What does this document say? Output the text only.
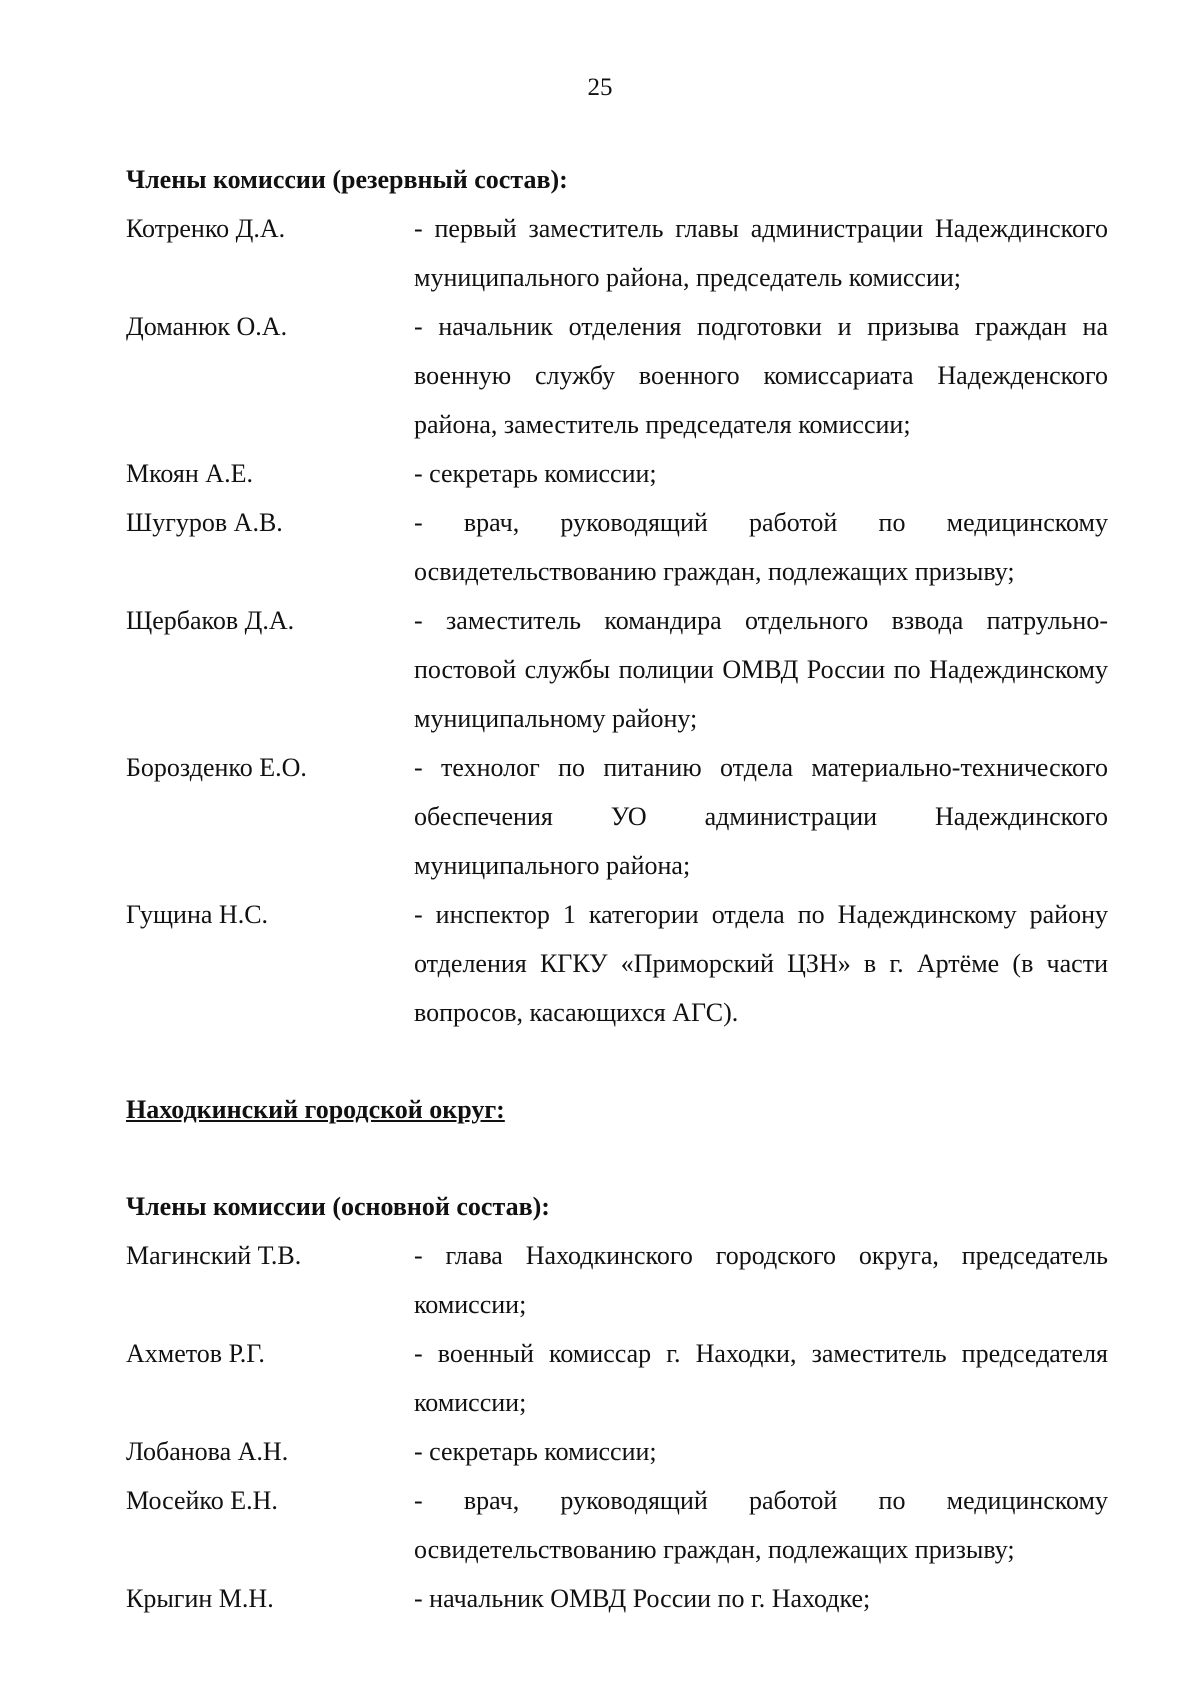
25
Члены комиссии (резервный состав):
Котренко Д.А.	- первый заместитель главы администрации Надеждинского муниципального района, председатель комиссии;
Доманюк О.А.	- начальник отделения подготовки и призыва граждан на военную службу военного комиссариата Надежденского района, заместитель председателя комиссии;
Мкоян А.Е.	- секретарь комиссии;
Шугуров А.В.	- врач, руководящий работой по медицинскому освидетельствованию граждан, подлежащих призыву;
Щербаков Д.А.	- заместитель командира отдельного взвода патрульно-постовой службы полиции ОМВД России по Надеждинскому муниципальному району;
Борозденко Е.О.	- технолог по питанию отдела материально-технического обеспечения УО администрации Надеждинского муниципального района;
Гущина Н.С.	- инспектор 1 категории отдела по Надеждинскому району отделения КГКУ «Приморский ЦЗН» в г. Артёме (в части вопросов, касающихся АГС).
Находкинский городской округ:
Члены комиссии (основной состав):
Магинский Т.В.	- глава Находкинского городского округа, председатель комиссии;
Ахметов Р.Г.	- военный комиссар г. Находки, заместитель председателя комиссии;
Лобанова А.Н.	- секретарь комиссии;
Мосейко Е.Н.	- врач, руководящий работой по медицинскому освидетельствованию граждан, подлежащих призыву;
Крыгин М.Н.	- начальник ОМВД России по г. Находке;
